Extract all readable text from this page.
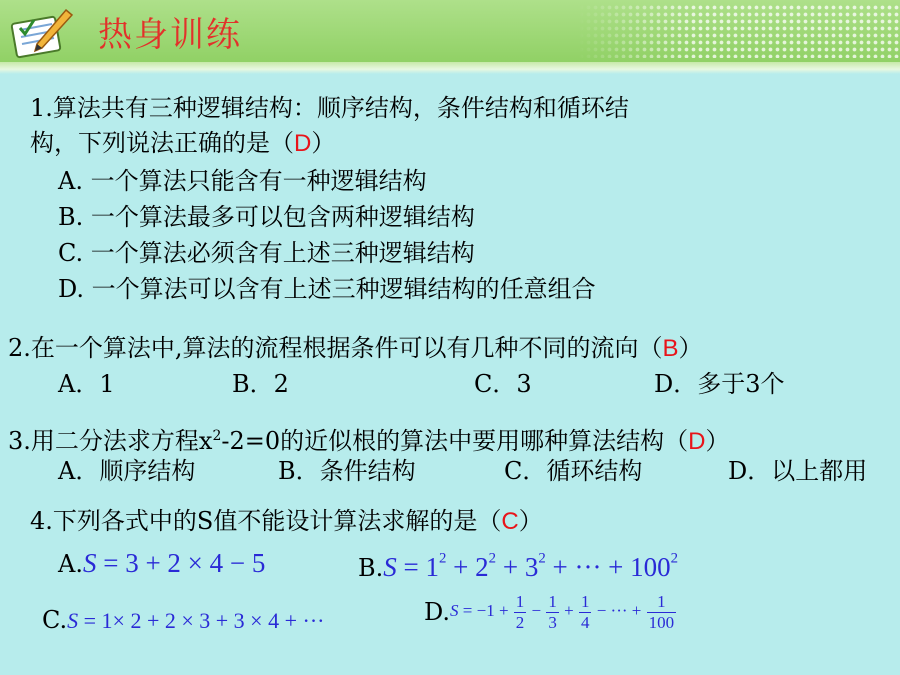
热身训练
1.算法共有三种逻辑结构：顺序结构，条件结构和循环结
构，下列说法正确的是（D）
A. 一个算法只能含有一种逻辑结构
B. 一个算法最多可以包含两种逻辑结构
C. 一个算法必须含有上述三种逻辑结构
D. 一个算法可以含有上述三种逻辑结构的任意组合
2.在一个算法中,算法的流程根据条件可以有几种不同的流向（B）
A．1	B．2	C．3	D．多于3个
3.用二分法求方程$x^2-2=0$的近似根的算法中要用哪种算法结构（D）
A．顺序结构	B．条件结构	C．循环结构	D．以上都用
4.下列各式中的S值不能设计算法求解的是（C）
A.S = 3 + 2 × 4 − 5	$B.S = 1^2 + 2^2 + 3^2$ + ··· + $100^2$
C.S = 1× 2 + 2 × 3 + 3 × 4 + ···	$D.S = -1 + \frac{1}{2} - \frac{1}{3} + \frac{1}{4}$ − ··· + $\frac{1}{100}$
